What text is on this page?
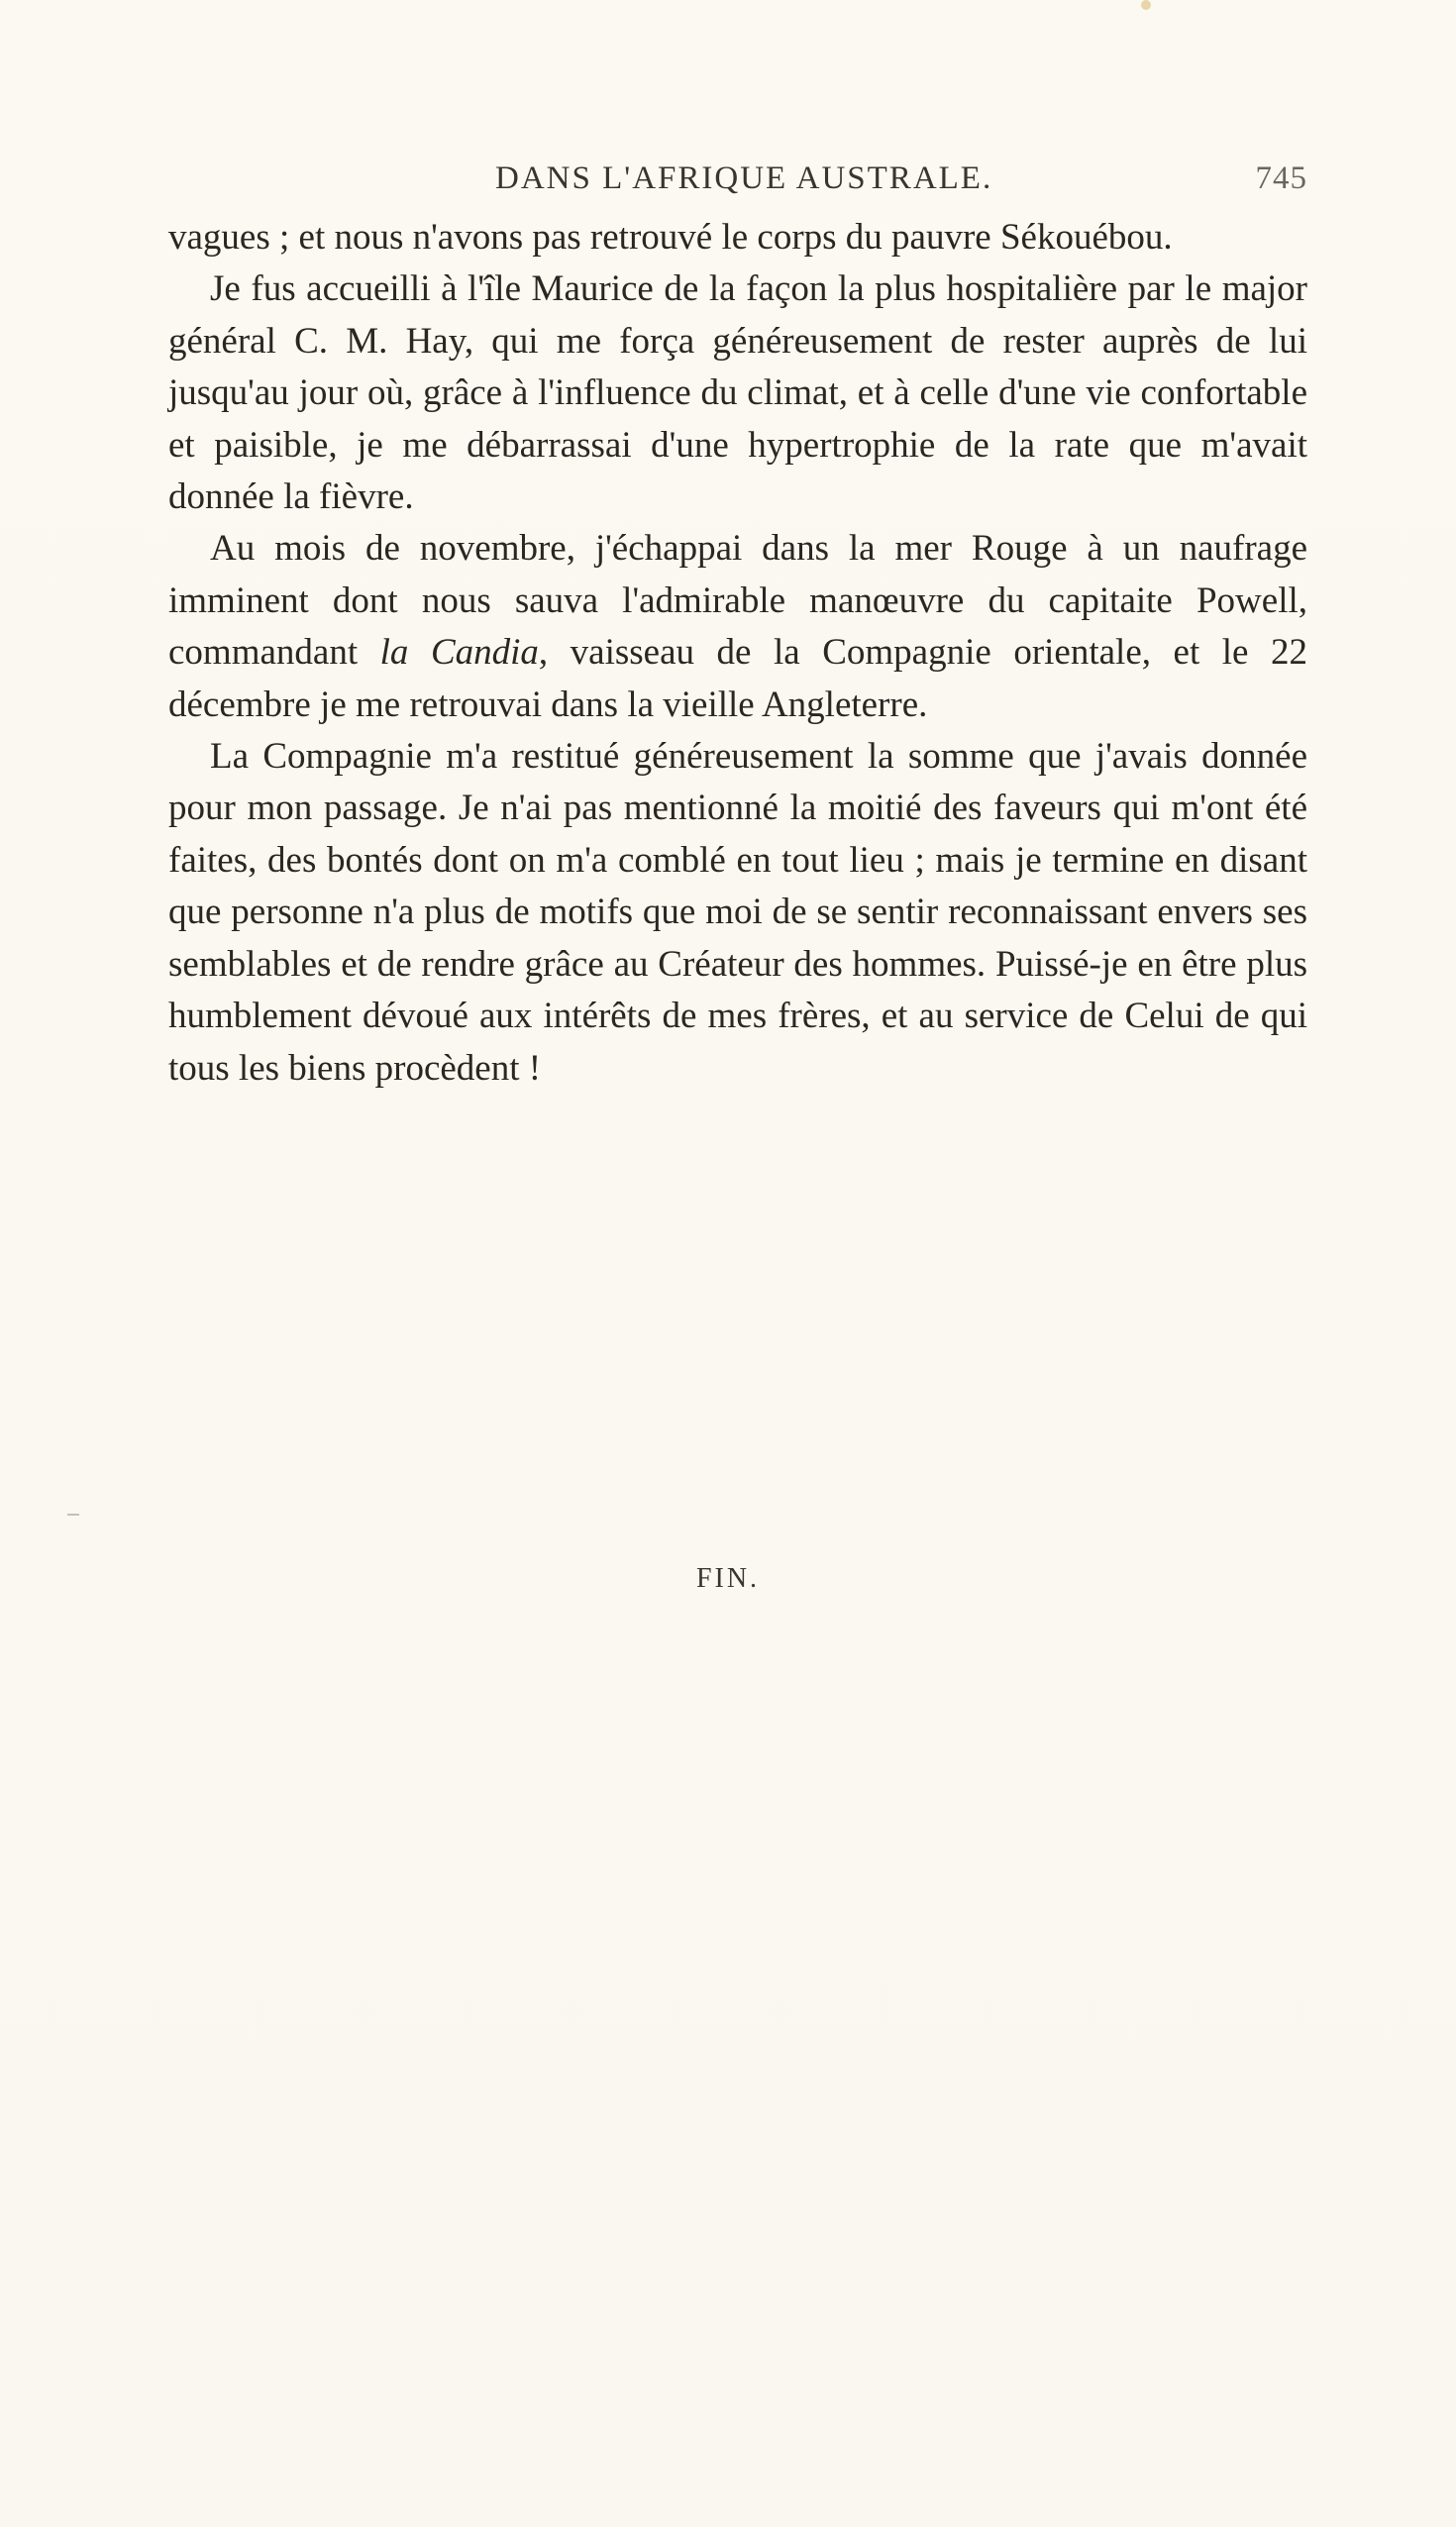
DANS L'AFRIQUE AUSTRALE.	745

vagues ; et nous n'avons pas retrouvé le corps du pauvre Sékouébou.

Je fus accueilli à l'île Maurice de la façon la plus hospitalière par le major général C. M. Hay, qui me força généreusement de rester auprès de lui jusqu'au jour où, grâce à l'influence du climat, et à celle d'une vie confortable et paisible, je me débarrassai d'une hypertrophie de la rate que m'avait donnée la fièvre.

Au mois de novembre, j'échappai dans la mer Rouge à un naufrage imminent dont nous sauva l'admirable manœuvre du capitaite Powell, commandant la Candia, vaisseau de la Compagnie orientale, et le 22 décembre je me retrouvai dans la vieille Angleterre.

La Compagnie m'a restitué généreusement la somme que j'avais donnée pour mon passage. Je n'ai pas mentionné la moitié des faveurs qui m'ont été faites, des bontés dont on m'a comblé en tout lieu ; mais je termine en disant que personne n'a plus de motifs que moi de se sentir reconnaissant envers ses semblables et de rendre grâce au Créateur des hommes. Puissé-je en être plus humblement dévoué aux intérêts de mes frères, et au service de Celui de qui tous les biens procèdent !

FIN.
